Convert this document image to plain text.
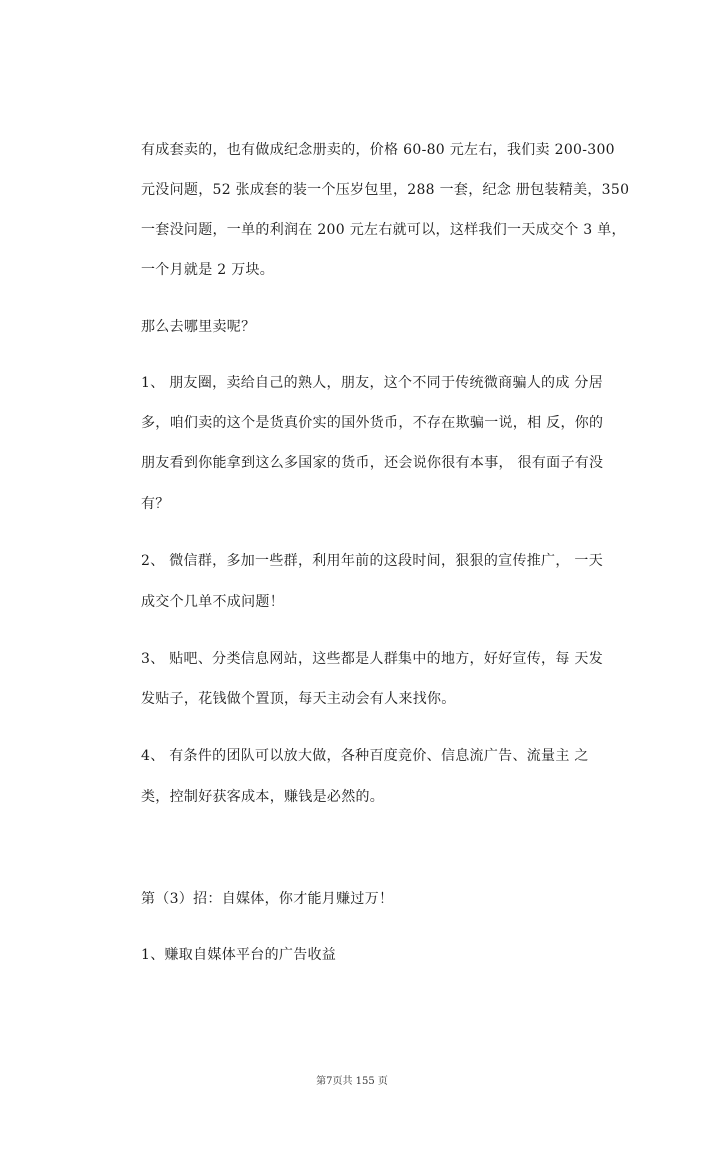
有成套卖的，也有做成纪念册卖的，价格 60-80 元左右，我们卖 200-300
元没问题，52 张成套的装一个压岁包里，288 一套，纪念 册包装精美，350
一套没问题，一单的利润在 200 元左右就可以，这样我们一天成交个 3 单，
一个月就是 2 万块。
那么去哪里卖呢？
1、 朋友圈，卖给自己的熟人，朋友，这个不同于传统微商骗人的成 分居
多，咱们卖的这个是货真价实的国外货币，不存在欺骗一说，相 反，你的
朋友看到你能拿到这么多国家的货币，还会说你很有本事， 很有面子有没
有？
2、 微信群，多加一些群，利用年前的这段时间，狠狠的宣传推广， 一天
成交个几单不成问题！
3、 贴吧、分类信息网站，这些都是人群集中的地方，好好宣传，每 天发
发贴子，花钱做个置顶，每天主动会有人来找你。
4、 有条件的团队可以放大做，各种百度竞价、信息流广告、流量主 之
类，控制好获客成本，赚钱是必然的。
第（3）招：自媒体，你才能月赚过万！
1、赚取自媒体平台的广告收益
第7页共 155 页
